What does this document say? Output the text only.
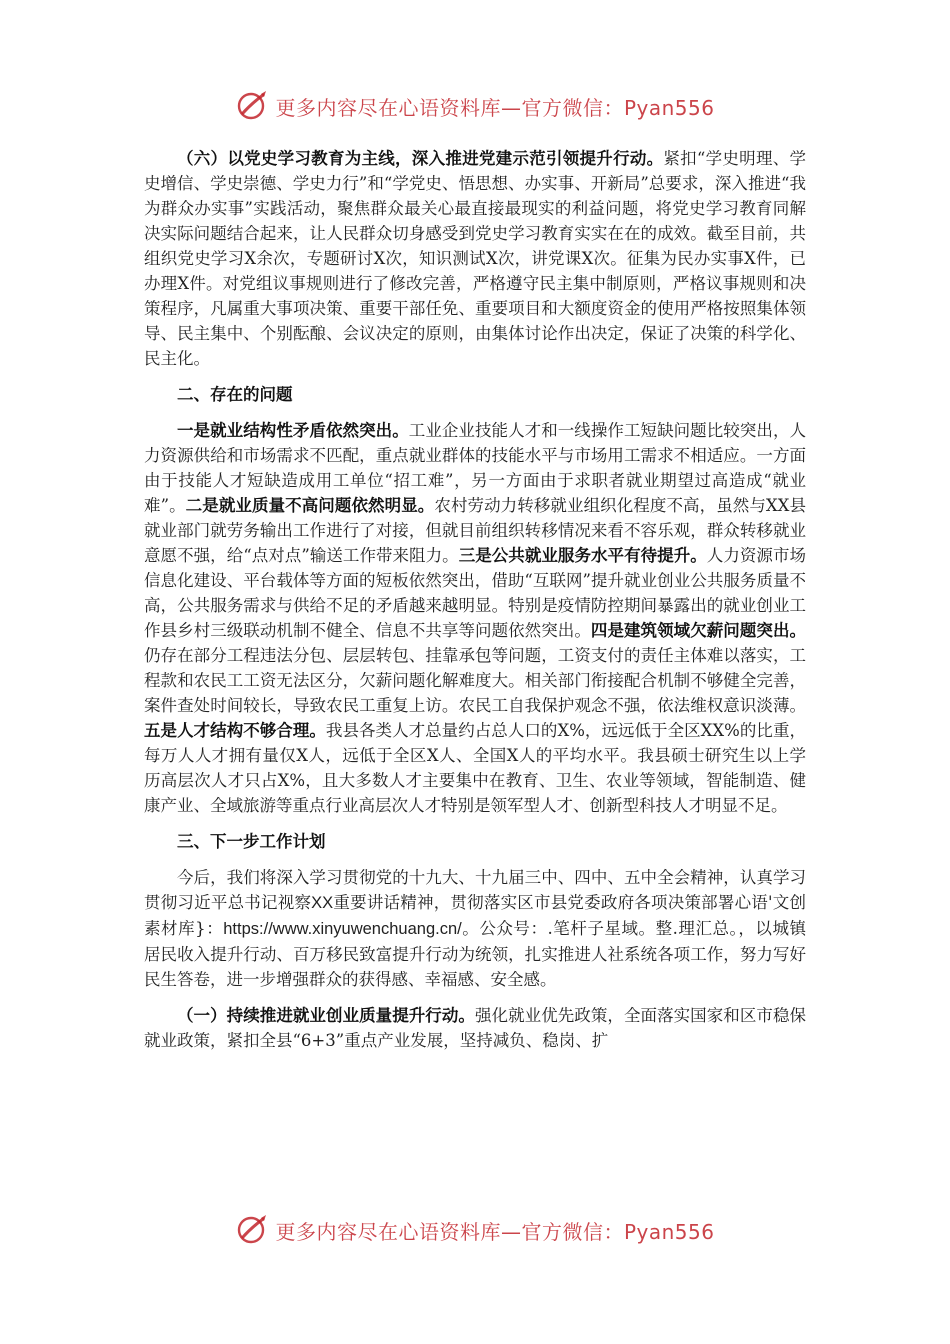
更多内容尽在心语资料库—官方微信：Pyan556

（六）以党史学习教育为主线，深入推进党建示范引领提升行动。紧扣“学史明理、学史增信、学史崇德、学史力行”和“学党史、悟思想、办实事、开新局”总要求，深入推进“我为群众办实事”实践活动，聚焦群众最关心最直接最现实的利益问题，将党史学习教育同解决实际问题结合起来，让人民群众切身感受到党史学习教育实实在在的成效。截至目前，共组织党史学习X余次，专题研讨X次，知识测试X次，讲党课X次。征集为民办实事X件，已办理X件。对党组议事规则进行了修改完善，严格遵守民主集中制原则，严格议事规则和决策程序，凡属重大事项决策、重要干部任免、重要项目和大额度资金的使用严格按照集体领导、民主集中、个别酝酿、会议决定的原则，由集体讨论作出决定，保证了决策的科学化、民主化。

二、存在的问题

一是就业结构性矛盾依然突出。工业企业技能人才和一线操作工短缺问题比较突出，人力资源供给和市场需求不匹配，重点就业群体的技能水平与市场用工需求不相适应。一方面由于技能人才短缺造成用工单位“招工难”，另一方面由于求职者就业期望过高造成“就业难”。二是就业质量不高问题依然明显。农村劳动力转移就业组织化程度不高，虽然与XX县就业部门就劳务输出工作进行了对接，但就目前组织转移情况来看不容乐观，群众转移就业意愿不强，给“点对点”输送工作带来阻力。三是公共就业服务水平有待提升。人力资源市场信息化建设、平台载体等方面的短板依然突出，借助“互联网”提升就业创业公共服务质量不高，公共服务需求与供给不足的矛盾越来越明显。特别是疫情防控期间暴露出的就业创业工作县乡村三级联动机制不健全、信息不共享等问题依然突出。四是建筑领域欠薪问题突出。仍存在部分工程违法分包、层层转包、挂靠承包等问题，工资支付的责任主体难以落实，工程款和农民工工资无法区分，欠薪问题化解难度大。相关部门衔接配合机制不够健全完善，案件查处时间较长，导致农民工重复上访。农民工自我保护观念不强，依法维权意识淡薄。五是人才结构不够合理。我县各类人才总量约占总人口的X%，远远低于全区XX%的比重，每万人人才拥有量仅X人，远低于全区X人、全国X人的平均水平。我县硕士研究生以上学历高层次人才只占X%，且大多数人才主要集中在教育、卫生、农业等领域，智能制造、健康产业、全域旅游等重点行业高层次人才特别是领军型人才、创新型科技人才明显不足。

三、下一步工作计划

今后，我们将深入学习贯彻党的十九大、十九届三中、四中、五中全会精神，认真学习贯彻习近平总书记视察XX重要讲话精神，贯彻落实区市县党委政府各项决策部署心语'文创素材库}：https://www.xinyuwenchuang.cn/。公众号：.笔杆子星域。整.理汇总。，以城镇居民收入提升行动、百万移民致富提升行动为统领，扎实推进人社系统各项工作，努力写好民生答卷，进一步增强群众的获得感、幸福感、安全感。

（一）持续推进就业创业质量提升行动。强化就业优先政策，全面落实国家和区市稳保就业政策，紧扣全县“6+3”重点产业发展，坚持减负、稳岗、扩

更多内容尽在心语资料库—官方微信：Pyan556
